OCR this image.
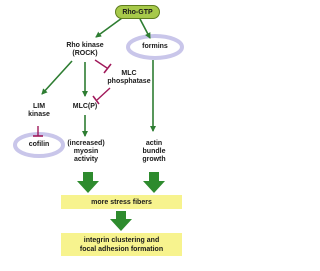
Rho-GTP
Rho kinase
(ROCK)
formins
MLC
phosphatase
LIM
kinase
MLC(P)
cofilin	(increased)
myosin
activity
actin
bundle
growth
more stress fibers
integrin clustering and
focal adhesion formation
